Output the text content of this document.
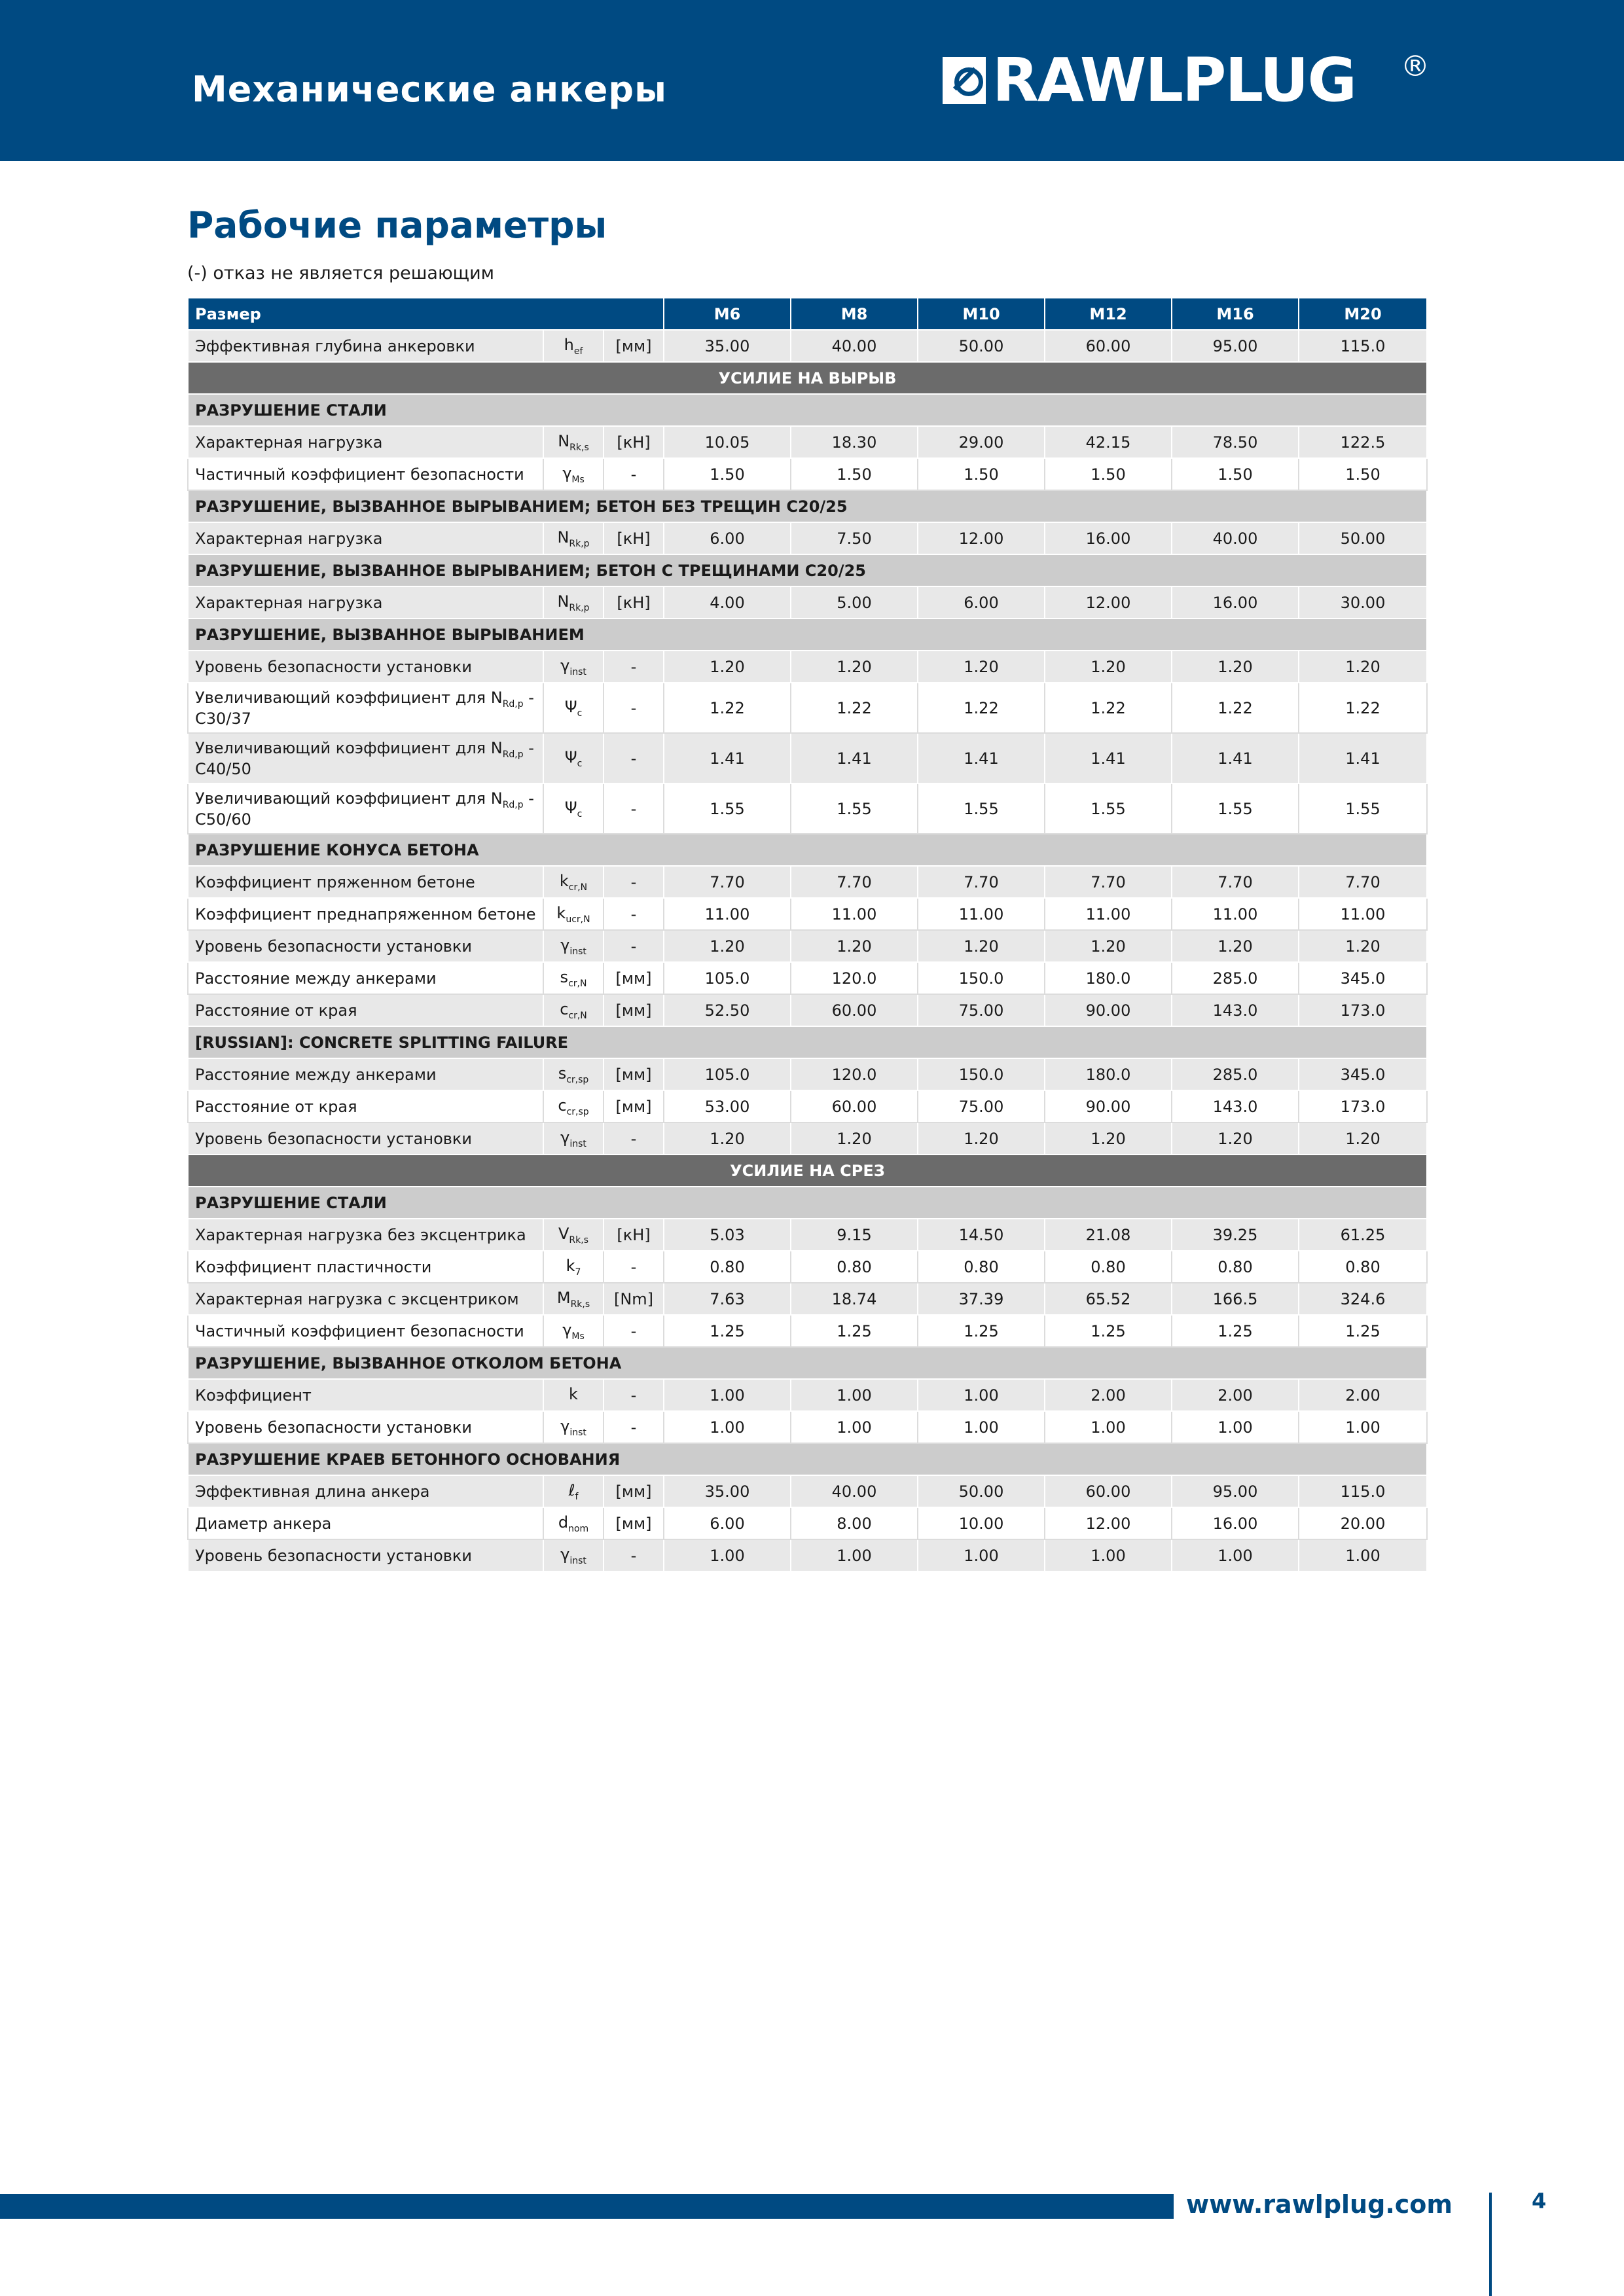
Механические анкеры	RAWLPLUG ®
Рабочие параметры
(-) отказ не является решающим
Размер			M6	M8	M10	M12	M16	M20
Эффективная глубина анкеровки	$h_{ef}$	[мм]	35.00	40.00	50.00	60.00	95.00	115.0
УСИЛИЕ НА ВЫРЫВ								
РАЗРУШЕНИЕ СТАЛИ								
Характерная нагрузка	$N_{Rk,s}$	[кН]	10.05	18.30	29.00	42.15	78.50	122.5
Частичный коэффициент безопасности	$\gamma_{Ms}$	-	1.50	1.50	1.50	1.50	1.50	1.50
РАЗРУШЕНИЕ, ВЫЗВАННОЕ ВЫРЫВАНИЕМ; БЕТОН БЕЗ ТРЕЩИН C20/25								
Характерная нагрузка	$N_{Rk,p}$	[кН]	6.00	7.50	12.00	16.00	40.00	50.00
РАЗРУШЕНИЕ, ВЫЗВАННОЕ ВЫРЫВАНИЕМ; БЕТОН С ТРЕЩИНАМИ C20/25								
Характерная нагрузка	$N_{Rk,p}$	[кН]	4.00	5.00	6.00	12.00	16.00	30.00
РАЗРУШЕНИЕ, ВЫЗВАННОЕ ВЫРЫВАНИЕМ								
Уровень безопасности установки	$\gamma_{inst}$	-	1.20	1.20	1.20	1.20	1.20	1.20
Увеличивающий коэффициент для $N_{Rd,p} - C30/37$	$\Psi_c$	-	1.22	1.22	1.22	1.22	1.22	1.22
Увеличивающий коэффициент для $N_{Rd,p} - C40/50$	$\Psi_c$	-	1.41	1.41	1.41	1.41	1.41	1.41
Увеличивающий коэффициент для $N_{Rd,p} - C50/60$	$\Psi_c$	-	1.55	1.55	1.55	1.55	1.55	1.55
РАЗРУШЕНИЕ КОНУСА БЕТОНА								
Коэффициент пряженном бетоне	$k_{cr,N}$	-	7.70	7.70	7.70	7.70	7.70	7.70
Коэффициент преднапряженном бетоне	$k_{ucr,N}$	-	11.00	11.00	11.00	11.00	11.00	11.00
Уровень безопасности установки	$\gamma_{inst}$	-	1.20	1.20	1.20	1.20	1.20	1.20
Расстояние между анкерами	$s_{cr,N}$	[мм]	105.0	120.0	150.0	180.0	285.0	345.0
Расстояние от края	$c_{cr,N}$	[мм]	52.50	60.00	75.00	90.00	143.0	173.0
[RUSSIAN]: CONCRETE SPLITTING FAILURE								
Расстояние между анкерами	$s_{cr,sp}$	[мм]	105.0	120.0	150.0	180.0	285.0	345.0
Расстояние от края	$c_{cr,sp}$	[мм]	53.00	60.00	75.00	90.00	143.0	173.0
Уровень безопасности установки	$\gamma_{inst}$	-	1.20	1.20	1.20	1.20	1.20	1.20
УСИЛИЕ НА СРЕЗ								
РАЗРУШЕНИЕ СТАЛИ								
Характерная нагрузка без эксцентрика	$V_{Rk,s}$	[кН]	5.03	9.15	14.50	21.08	39.25	61.25
Коэффициент пластичности	$k_7$	-	0.80	0.80	0.80	0.80	0.80	0.80
Характерная нагрузка с эксцентриком	$M_{Rk,s}$	[Nm]	7.63	18.74	37.39	65.52	166.5	324.6
Частичный коэффициент безопасности	$\gamma_{Ms}$	-	1.25	1.25	1.25	1.25	1.25	1.25
РАЗРУШЕНИЕ, ВЫЗВАННОЕ ОТКОЛОМ БЕТОНА								
Коэффициент	k	-	1.00	1.00	1.00	2.00	2.00	2.00
Уровень безопасности установки	$\gamma_{inst}$	-	1.00	1.00	1.00	1.00	1.00	1.00
РАЗРУШЕНИЕ КРАЕВ БЕТОННОГО ОСНОВАНИЯ								
Эффективная длина анкера	ℓ$_f$	[мм]	35.00	40.00	50.00	60.00	95.00	115.0
Диаметр анкера	$d_{nom}$	[мм]	6.00	8.00	10.00	12.00	16.00	20.00
Уровень безопасности установки	$\gamma_{inst}$	-	1.00	1.00	1.00	1.00	1.00	1.00
www.rawlplug.com	4
